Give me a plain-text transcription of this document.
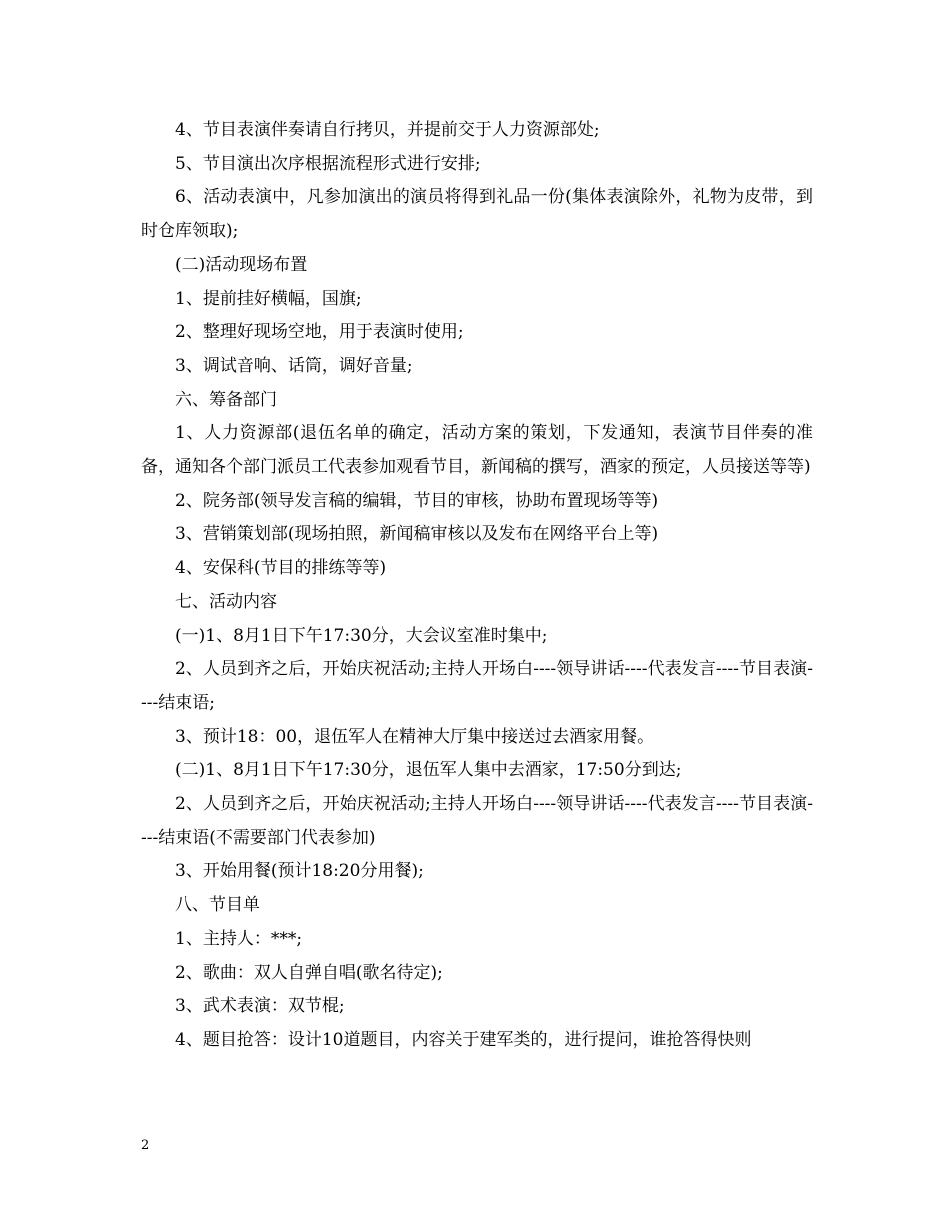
4、节目表演伴奏请自行拷贝，并提前交于人力资源部处;

5、节目演出次序根据流程形式进行安排;

6、活动表演中，凡参加演出的演员将得到礼品一份(集体表演除外，礼物为皮带，到时仓库领取);

(二)活动现场布置

1、提前挂好横幅，国旗;

2、整理好现场空地，用于表演时使用;

3、调试音响、话筒，调好音量;

六、筹备部门

1、人力资源部(退伍名单的确定，活动方案的策划，下发通知，表演节目伴奏的准备，通知各个部门派员工代表参加观看节目，新闻稿的撰写，酒家的预定，人员接送等等)

2、院务部(领导发言稿的编辑，节目的审核，协助布置现场等等)

3、营销策划部(现场拍照，新闻稿审核以及发布在网络平台上等)

4、安保科(节目的排练等等)

七、活动内容

(一)1、8月1日下午17:30分，大会议室准时集中;

2、人员到齐之后，开始庆祝活动;主持人开场白----领导讲话----代表发言----节目表演----结束语;

3、预计18：00，退伍军人在精神大厅集中接送过去酒家用餐。

(二)1、8月1日下午17:30分，退伍军人集中去酒家，17:50分到达;

2、人员到齐之后，开始庆祝活动;主持人开场白----领导讲话----代表发言----节目表演----结束语(不需要部门代表参加)

3、开始用餐(预计18:20分用餐);

八、节目单

1、主持人：***;

2、歌曲：双人自弹自唱(歌名待定);

3、武术表演：双节棍;

4、题目抢答：设计10道题目，内容关于建军类的，进行提问，谁抢答得快则

2
